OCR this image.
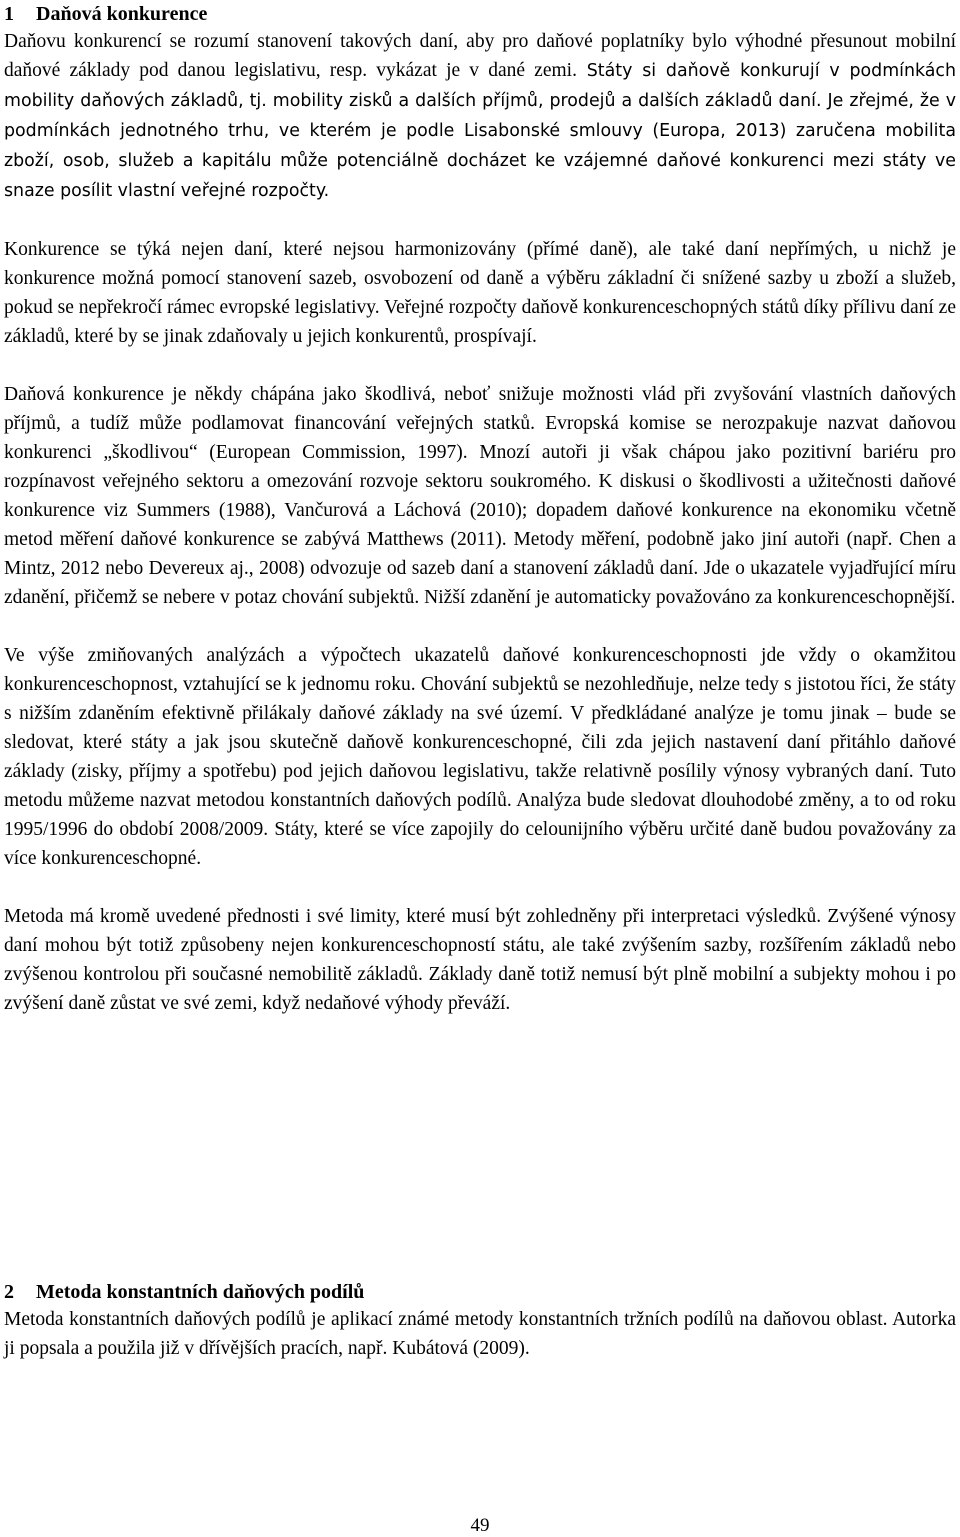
1 Daňová konkurence

Daňovu konkurencí se rozumí stanovení takových daní, aby pro daňové poplatníky bylo výhodné přesunout mobilní daňové základy pod danou legislativu, resp. vykázat je v dané zemi. Státy si daňově konkurují v podmínkách mobility daňových základů, tj. mobility zisků a dalších příjmů, prodejů a dalších základů daní. Je zřejmé, že v podmínkách jednotného trhu, ve kterém je podle Lisabonské smlouvy (Europa, 2013) zaručena mobilita zboží, osob, služeb a kapitálu může potenciálně docházet ke vzájemné daňové konkurenci mezi státy ve snaze posílit vlastní veřejné rozpočty.

Konkurence se týká nejen daní, které nejsou harmonizovány (přímé daně), ale také daní nepřímých, u nichž je konkurence možná pomocí stanovení sazeb, osvobození od daně a výběru základní či snížené sazby u zboží a služeb, pokud se nepřekročí rámec evropské legislativy. Veřejné rozpočty daňově konkurenceschopných států díky přílivu daní ze základů, které by se jinak zdaňovaly u jejich konkurentů, prospívají.

Daňová konkurence je někdy chápána jako škodlivá, neboť snižuje možnosti vlád při zvyšování vlastních daňových příjmů, a tudíž může podlamovat financování veřejných statků. Evropská komise se nerozpakuje nazvat daňovou konkurenci „škodlivou“ (European Commission, 1997). Mnozí autoři ji však chápou jako pozitivní bariéru pro rozpínavost veřejného sektoru a omezování rozvoje sektoru soukromého. K diskusi o škodlivosti a užitečnosti daňové konkurence viz Summers (1988), Vančurová a Láchová (2010); dopadem daňové konkurence na ekonomiku včetně metod měření daňové konkurence se zabývá Matthews (2011). Metody měření, podobně jako jiní autoři (např. Chen a Mintz, 2012 nebo Devereux aj., 2008) odvozuje od sazeb daní a stanovení základů daní. Jde o ukazatele vyjadřující míru zdanění, přičemž se nebere v potaz chování subjektů. Nižší zdanění je automaticky považováno za konkurenceschopnější.

Ve výše zmiňovaných analýzách a výpočtech ukazatelů daňové konkurenceschopnosti jde vždy o okamžitou konkurenceschopnost, vztahující se k jednomu roku. Chování subjektů se nezohledňuje, nelze tedy s jistotou říci, že státy s nižším zdaněním efektivně přilákaly daňové základy na své území. V předkládané analýze je tomu jinak – bude se sledovat, které státy a jak jsou skutečně daňově konkurenceschopné, čili zda jejich nastavení daní přitáhlo daňové základy (zisky, příjmy a spotřebu) pod jejich daňovou legislativu, takže relativně posílily výnosy vybraných daní. Tuto metodu můžeme nazvat metodou konstantních daňových podílů. Analýza bude sledovat dlouhodobé změny, a to od roku 1995/1996 do období 2008/2009. Státy, které se více zapojily do celounijního výběru určité daně budou považovány za více konkurenceschopné.

Metoda má kromě uvedené přednosti i své limity, které musí být zohledněny při interpretaci výsledků. Zvýšené výnosy daní mohou být totiž způsobeny nejen konkurenceschopností státu, ale také zvýšením sazby, rozšířením základů nebo zvýšenou kontrolou při současné nemobilitě základů. Základy daně totiž nemusí být plně mobilní a subjekty mohou i po zvýšení daně zůstat ve své zemi, když nedaňové výhody převáží.

2 Metoda konstantních daňových podílů

Metoda konstantních daňových podílů je aplikací známé metody konstantních tržních podílů na daňovou oblast. Autorka ji popsala a použila již v dřívějších pracích, např. Kubátová (2009).

49
